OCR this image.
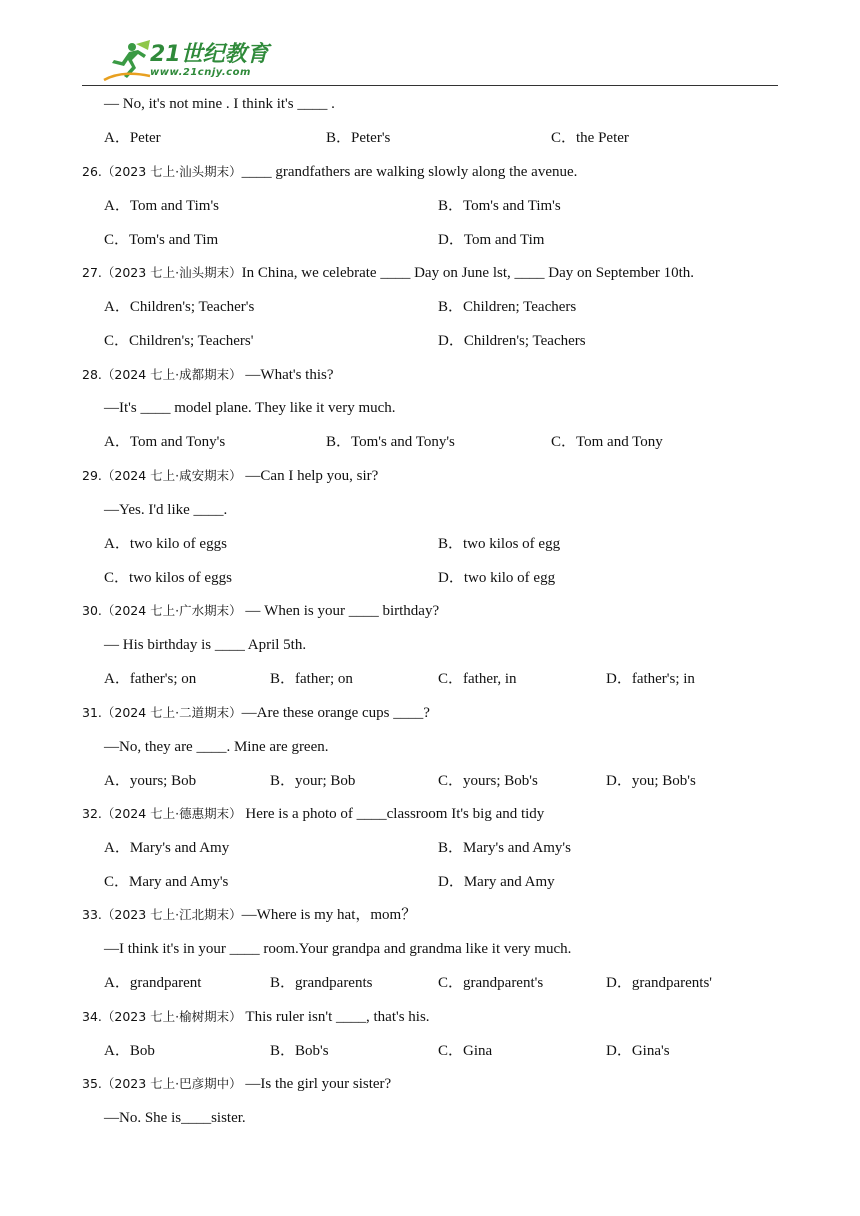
21世纪教育
www.21cnjy.com
— No, it's not mine . I think it's ____ .
A．Peter	B．Peter's	C．the Peter
26.（2023 七上·汕头期末）____ grandfathers are walking slowly along the avenue.
A．Tom and Tim's	B．Tom's and Tim's
C．Tom's and Tim	D．Tom and Tim
27.（2023 七上·汕头期末）In China, we celebrate ____ Day on June lst, ____ Day on September 10th.
A．Children's; Teacher's	B．Children; Teachers
C．Children's; Teachers'	D．Children's; Teachers
28.（2024 七上·成都期末） —What's this?
—It's ____ model plane. They like it very much.
A．Tom and Tony's	B．Tom's and Tony's	C．Tom and Tony
29.（2024 七上·咸安期末） —Can I help you, sir?
—Yes. I'd like ____.
A．two kilo of eggs	B．two kilos of egg
C．two kilos of eggs	D．two kilo of egg
30.（2024 七上·广水期末） — When is your ____ birthday?
— His birthday is ____ April 5th.
A．father's; on	B．father; on	C．father, in	D．father's; in
31.（2024 七上·二道期末）—Are these orange cups ____?
—No, they are ____. Mine are green.
A．yours; Bob	B．your; Bob	C．yours; Bob's	D．you; Bob's
32.（2024 七上·德惠期末） Here is a photo of ____classroom It's big and tidy
A．Mary's and Amy	B．Mary's and Amy's
C．Mary and Amy's	D．Mary and Amy
33.（2023 七上·江北期末）—Where is my hat，mom？
—I think it's in your ____ room.Your grandpa and grandma like it very much.
A．grandparent	B．grandparents	C．grandparent's	D．grandparents'
34.（2023 七上·榆树期末） This ruler isn't ____, that's his.
A．Bob	B．Bob's	C．Gina	D．Gina's
35.（2023 七上·巴彦期中） —Is the girl your sister?
—No. She is____sister.
